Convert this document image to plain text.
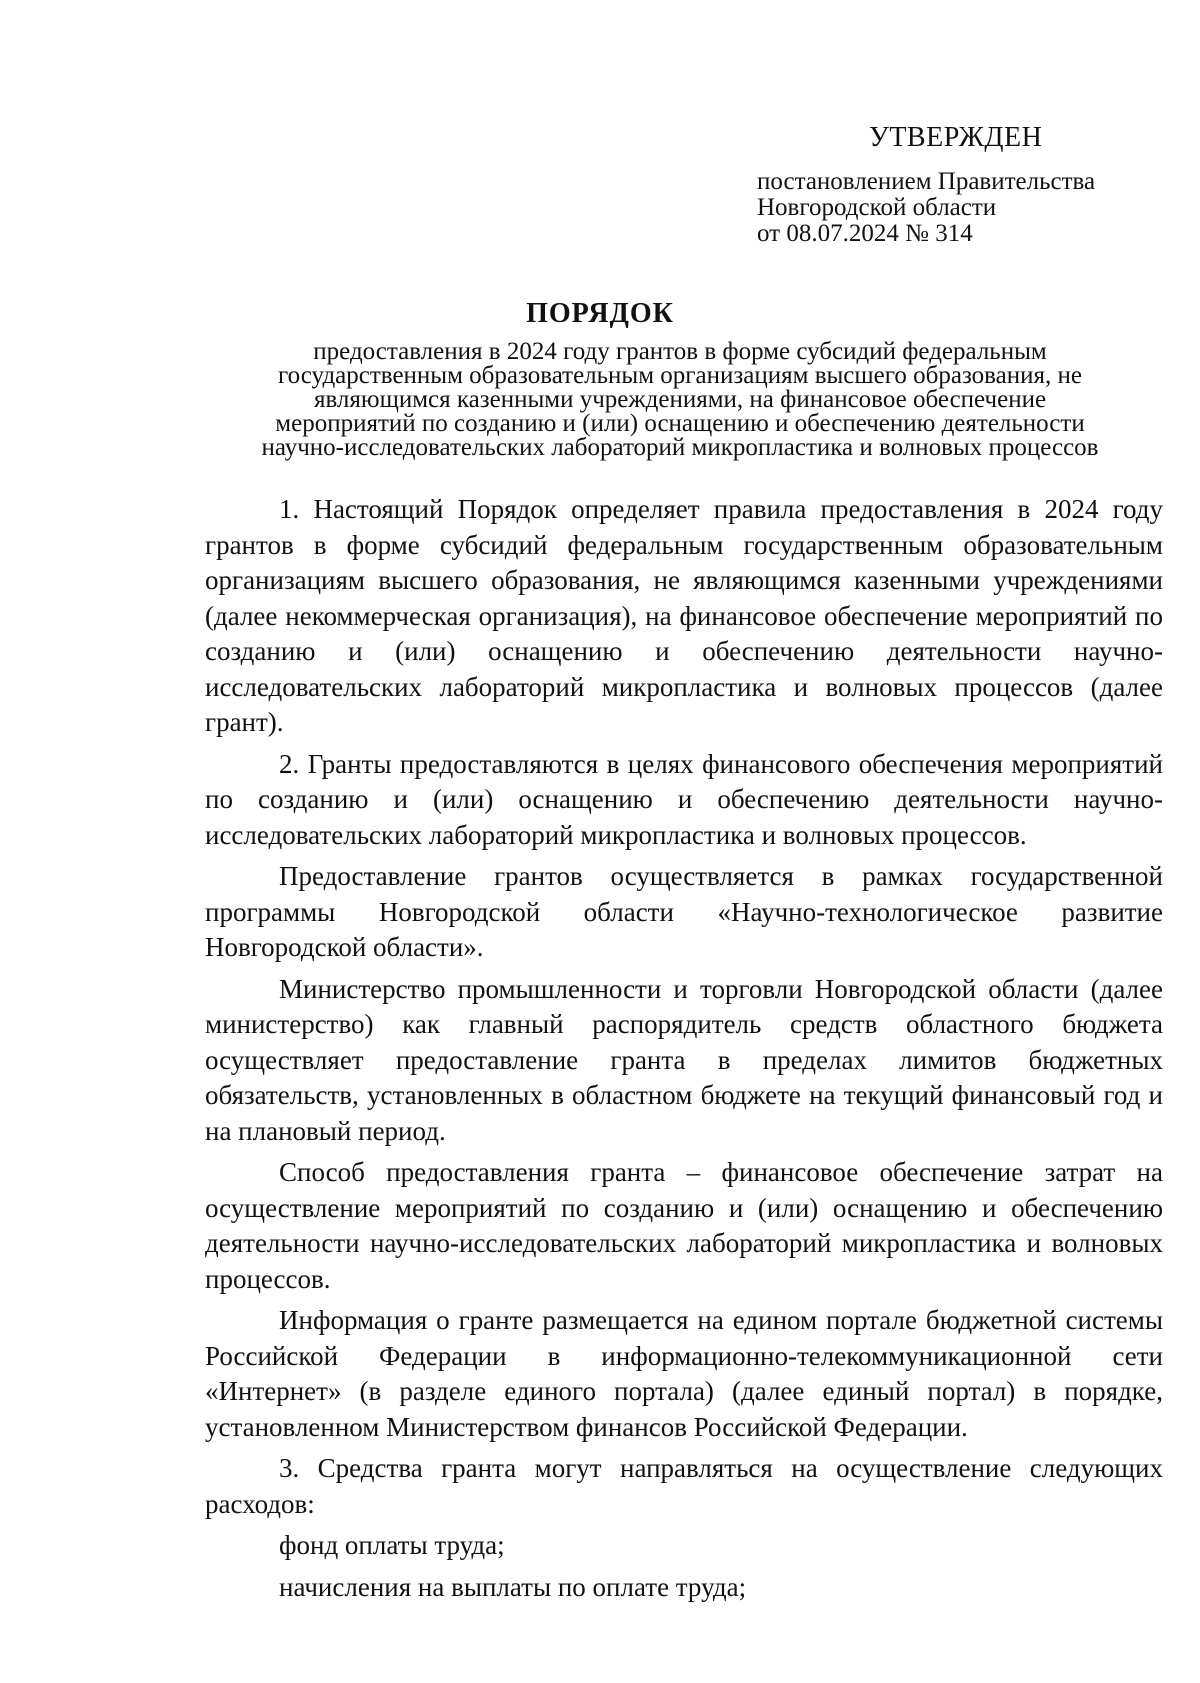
УТВЕРЖДЕН

постановлением Правительства

Новгородской области

от 08.07.2024 № 314

ПОРЯДОК
предоставления в 2024 году грантов в форме субсидий федеральным
государственным образовательным организациям высшего образования, не
являющимся казенными учреждениями, на финансовое обеспечение
мероприятий по созданию и (или) оснащению и обеспечению деятельности
научно-исследовательских лабораторий микропластика и волновых процессов

1. Настоящий Порядок определяет правила предоставления в 2024 году грантов в форме субсидий федеральным государственным образовательным организациям высшего образования, не являющимся казенными учреждениями (далее некоммерческая организация), на финансовое обеспечение мероприятий по созданию и (или) оснащению и обеспечению деятельности научно-исследовательских лабораторий микропластика и волновых процессов (далее грант).

2. Гранты предоставляются в целях финансового обеспечения мероприятий по созданию и (или) оснащению и обеспечению деятельности научно-исследовательских лабораторий микропластика и волновых процессов.

Предоставление грантов осуществляется в рамках государственной программы Новгородской области «Научно-технологическое развитие Новгородской области».

Министерство промышленности и торговли Новгородской области (далее министерство) как главный распорядитель средств областного бюджета осуществляет предоставление гранта в пределах лимитов бюджетных обязательств, установленных в областном бюджете на текущий финансовый год и на плановый период.

Способ предоставления гранта – финансовое обеспечение затрат на осуществление мероприятий по созданию и (или) оснащению и обеспечению деятельности научно-исследовательских лабораторий микропластика и волновых процессов.

Информация о гранте размещается на едином портале бюджетной системы Российской Федерации в информационно-телекоммуникационной сети «Интернет» (в разделе единого портала) (далее единый портал) в порядке, установленном Министерством финансов Российской Федерации.

3. Средства гранта могут направляться на осуществление следующих расходов:

фонд оплаты труда;

начисления на выплаты по оплате труда;
